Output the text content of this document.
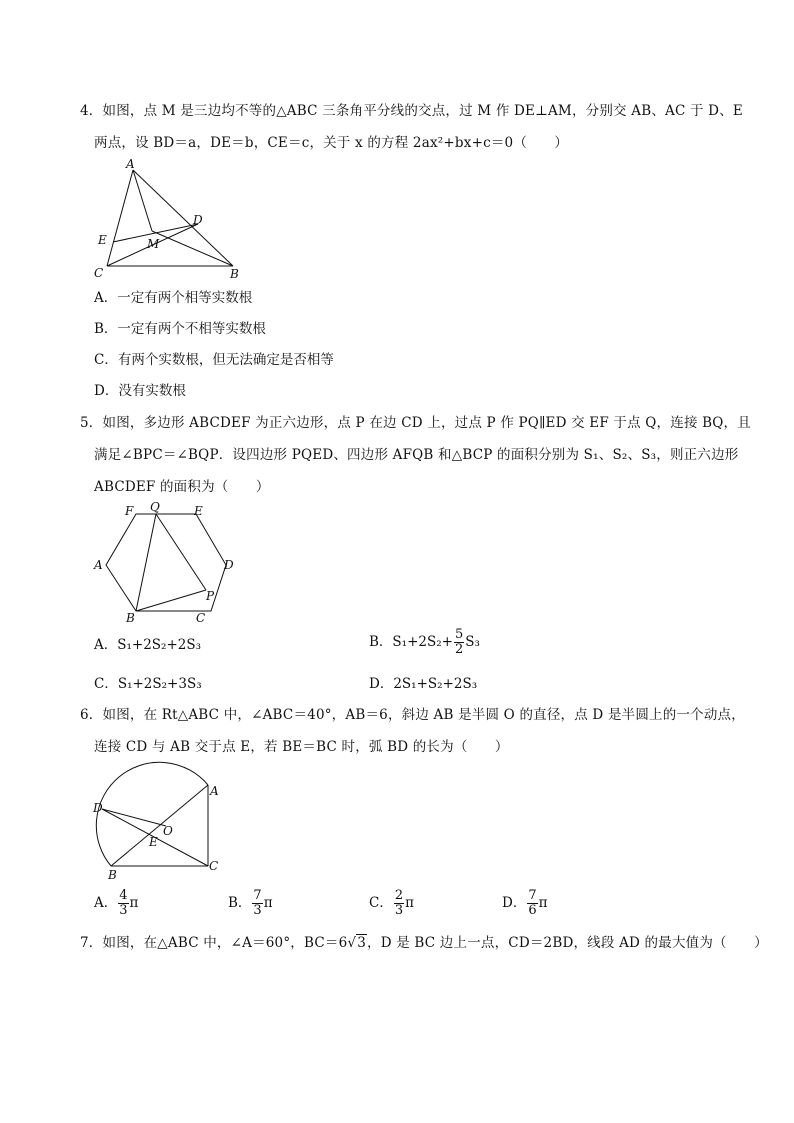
4．如图，点 M 是三边均不等的△ABC 三条角平分线的交点，过 M 作 DE⊥AM，分别交 AB、AC 于 D、E
两点，设 BD＝a，DE＝b，CE＝c，关于 x 的方程 2ax²+bx+c＝0（　　）
A
D
E	M
C	B
A．一定有两个相等实数根
B．一定有两个不相等实数根
C．有两个实数根，但无法确定是否相等
D．没有实数根
5．如图，多边形 ABCDEF 为正六边形，点 P 在边 CD 上，过点 P 作 PQ∥ED 交 EF 于点 Q，连接 BQ，且
满足∠BPC＝∠BQP．设四边形 PQED、四边形 AFQB 和△BCP 的面积分别为 S₁、S₂、S₃，则正六边形
ABCDEF 的面积为（　　）
F Q	E
A	D
P
B	C
A．S₁+2S₂+2S₃	B．$S_1+2S_2+ \frac{5}{2} S_3$
C．S₁+2S₂+3S₃	D．2S₁+S₂+2S₃
6．如图，在 Rt△ABC 中，∠ABC＝40°，AB＝6，斜边 AB 是半圆 O 的直径，点 D 是半圆上的一个动点，
连接 CD 与 AB 交于点 E，若 BE＝BC 时，弧 BD 的长为（　　）
A
D
O
E
C
B
A． $\frac{4}{3}$ π	B． $\frac{7}{3}$ π	C． $\frac{2}{3}$ π	D． $\frac{7}{6}$ π
7．如图，在△ABC 中，∠A＝60°，BC＝6√3，D 是 BC 边上一点，CD＝2BD，线段 AD 的最大值为（　　）
